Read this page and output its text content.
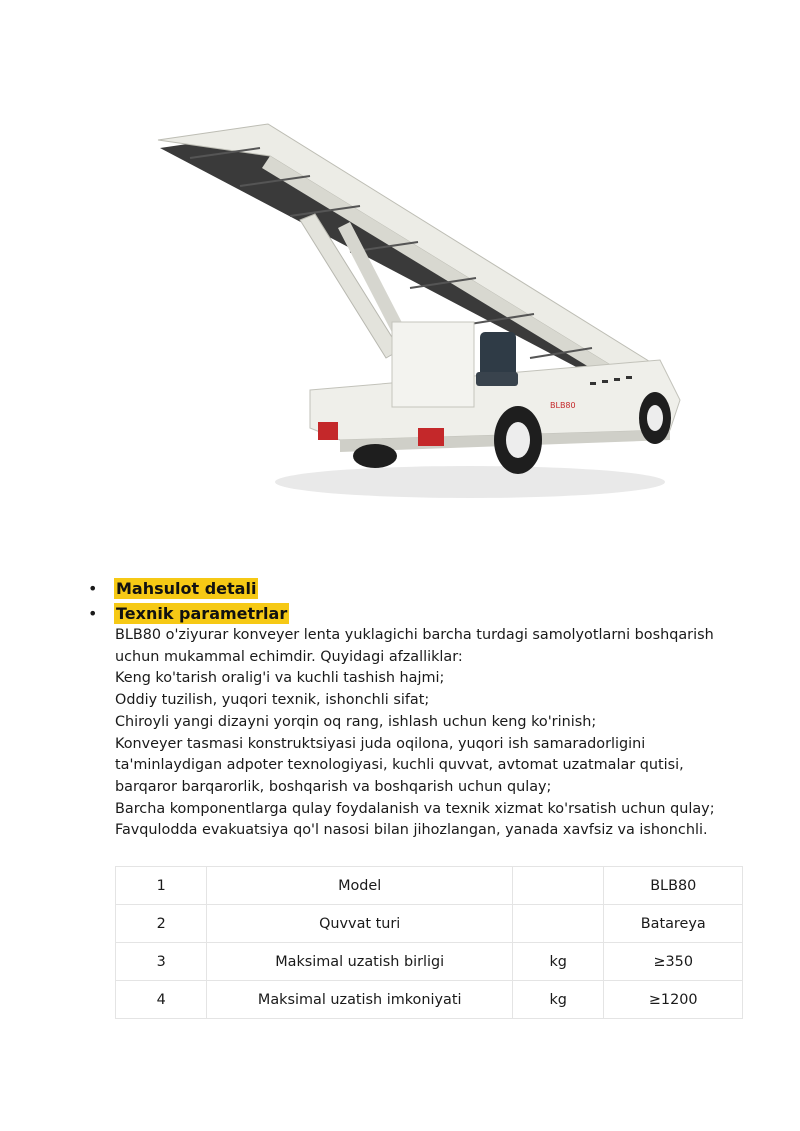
BLB80
• Mahsulot detali
• Texnik parametrlar
BLB80 o'ziyurar konveyer lenta yuklagichi barcha turdagi samolyotlarni boshqarish
uchun mukammal echimdir. Quyidagi afzalliklar:
Keng ko'tarish oralig'i va kuchli tashish hajmi;
Oddiy tuzilish, yuqori texnik, ishonchli sifat;
Chiroyli yangi dizayni yorqin oq rang, ishlash uchun keng ko'rinish;
Konveyer tasmasi konstruktsiyasi juda oqilona, yuqori ish samaradorligini
ta'minlaydigan adpoter texnologiyasi, kuchli quvvat, avtomat uzatmalar qutisi,
barqaror barqarorlik, boshqarish va boshqarish uchun qulay;
Barcha komponentlarga qulay foydalanish va texnik xizmat ko'rsatish uchun qulay;
Favqulodda evakuatsiya qo'l nasosi bilan jihozlangan, yanada xavfsiz va ishonchli.
1	Model		BLB80
2	Quvvat turi		Batareya
3	Maksimal uzatish birligi	kg	≥350
4	Maksimal uzatish imkoniyati	kg	≥1200
